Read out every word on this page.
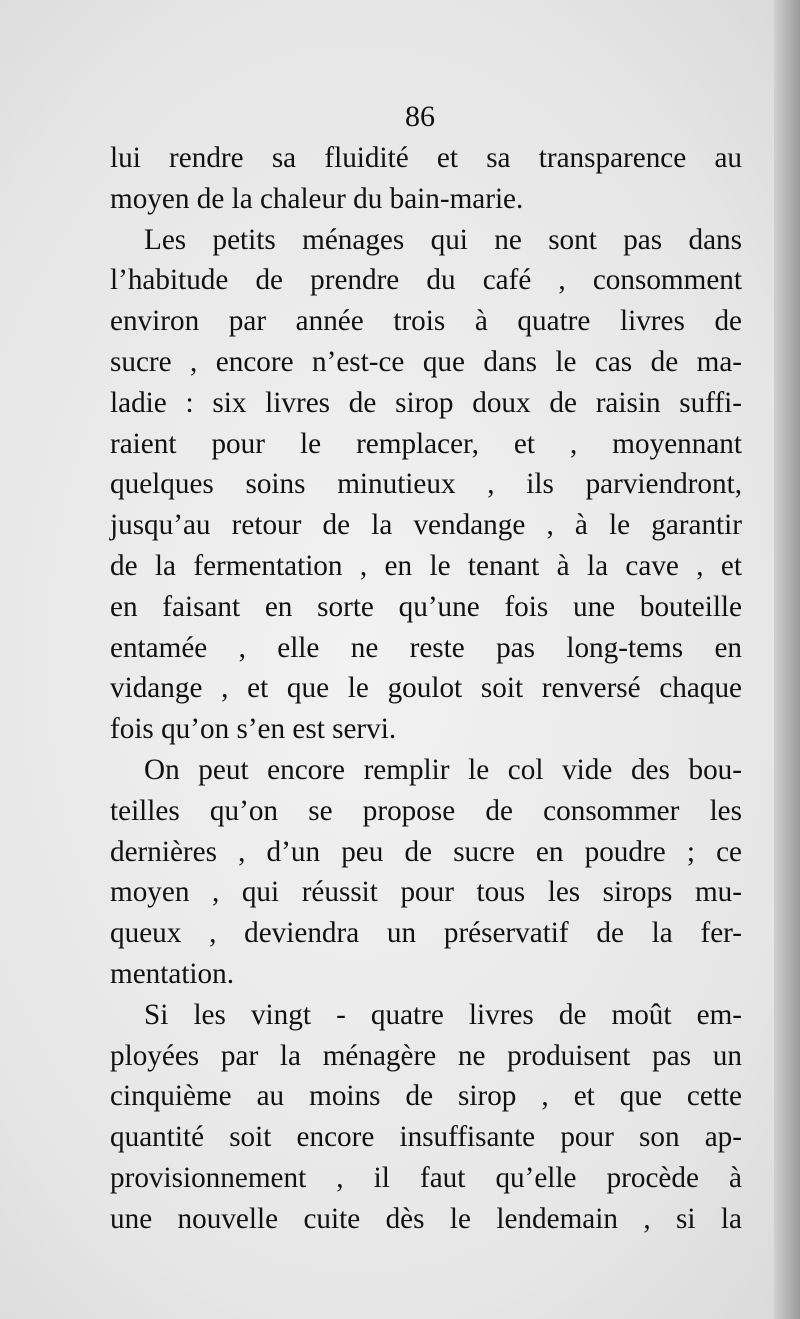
86
lui rendre sa fluidité et sa transparence au
moyen de la chaleur du bain-marie.
Les petits ménages qui ne sont pas dans
l’habitude de prendre du café , consomment
environ par année trois à quatre livres de
sucre , encore n’est-ce que dans le cas de ma-
ladie : six livres de sirop doux de raisin suffi-
raient pour le remplacer, et , moyennant
quelques soins minutieux , ils parviendront,
jusqu’au retour de la vendange , à le garantir
de la fermentation , en le tenant à la cave , et
en faisant en sorte qu’une fois une bouteille
entamée , elle ne reste pas long-tems en
vidange , et que le goulot soit renversé chaque
fois qu’on s’en est servi.
On peut encore remplir le col vide des bou-
teilles qu’on se propose de consommer les
dernières , d’un peu de sucre en poudre ; ce
moyen , qui réussit pour tous les sirops mu-
queux , deviendra un préservatif de la fer-
mentation.
Si les vingt - quatre livres de moût em-
ployées par la ménagère ne produisent pas un
cinquième au moins de sirop , et que cette
quantité soit encore insuffisante pour son ap-
provisionnement , il faut qu’elle procède à
une nouvelle cuite dès le lendemain , si la
